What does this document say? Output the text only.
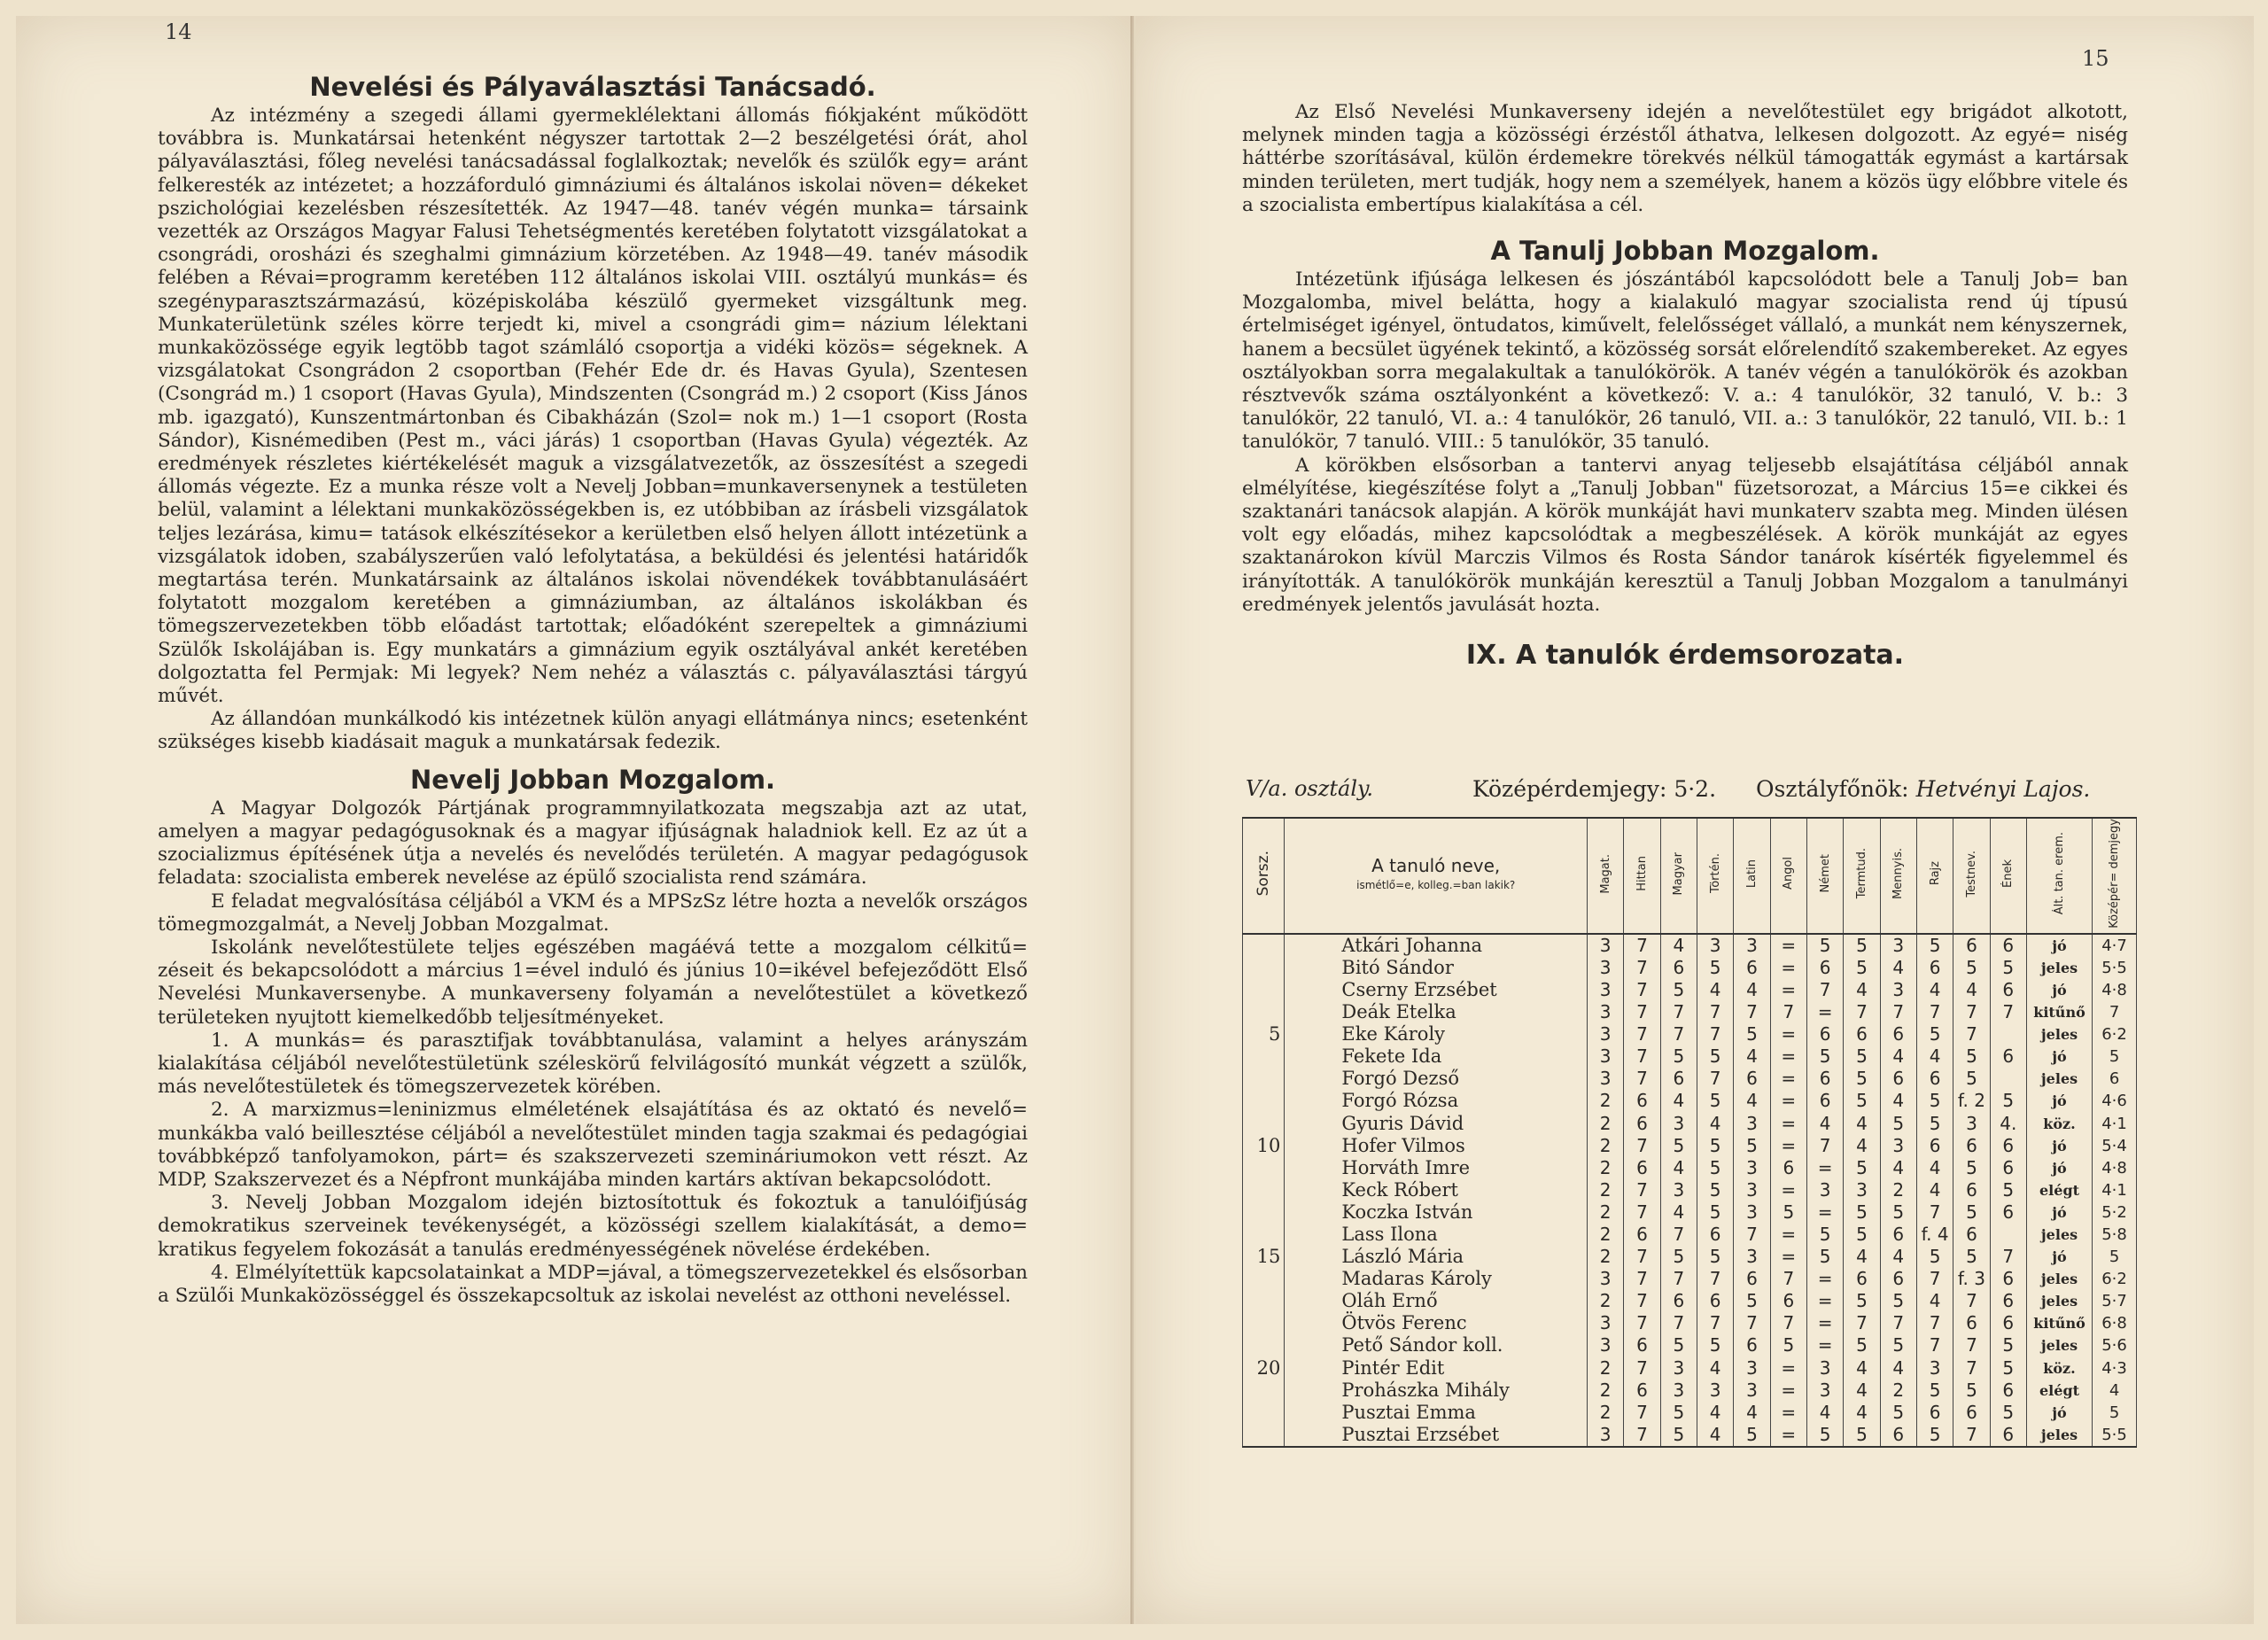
14
Nevelési és Pályaválasztási Tanácsadó.

Az intézmény a szegedi állami gyermeklélektani állomás fiókjaként működött továbbra is. Munkatársai hetenként négyszer tartottak 2—2 beszélgetési órát, ahol pályaválasztási, főleg nevelési tanácsadással foglalkoztak; nevelők és szülők egy= aránt felkeresték az intézetet; a hozzáforduló gimnáziumi és általános iskolai növen= dékeket pszichológiai kezelésben részesítették. Az 1947—48. tanév végén munka= társaink vezették az Országos Magyar Falusi Tehetségmentés keretében folytatott vizsgálatokat a csongrádi, orosházi és szeghalmi gimnázium körzetében. Az 1948—49. tanév második felében a Révai=programm keretében 112 általános iskolai VIII. osztályú munkás= és szegényparasztszármazású, középiskolába készülő gyermeket vizsgáltunk meg. Munkaterületünk széles körre terjedt ki, mivel a csongrádi gim= názium lélektani munkaközössége egyik legtöbb tagot számláló csoportja a vidéki közös= ségeknek. A vizsgálatokat Csongrádon 2 csoportban (Fehér Ede dr. és Havas Gyula), Szentesen (Csongrád m.) 1 csoport (Havas Gyula), Mindszenten (Csongrád m.) 2 csoport (Kiss János mb. igazgató), Kunszentmártonban és Cibakházán (Szol= nok m.) 1—1 csoport (Rosta Sándor), Kisnémediben (Pest m., váci járás) 1 csoportban (Havas Gyula) végezték. Az eredmények részletes kiértékelését maguk a vizsgálatvezetők, az összesítést a szegedi állomás végezte. Ez a munka része volt a Nevelj Jobban=munkaversenynek a testületen belül, valamint a lélektani munkaközösségekben is, ez utóbbiban az írásbeli vizsgálatok teljes lezárása, kimu= tatások elkészítésekor a kerületben első helyen állott intézetünk a vizsgálatok idoben, szabályszerűen való lefolytatása, a beküldési és jelentési határidők megtartása terén. Munkatársaink az általános iskolai növendékek továbbtanulásáért folytatott mozgalom keretében a gimnáziumban, az általános iskolákban és tömegszervezetekben több előadást tartottak; előadóként szerepeltek a gimnáziumi Szülők Iskolájában is. Egy munkatárs a gimnázium egyik osztályával ankét keretében dolgoztatta fel Permjak: Mi legyek? Nem nehéz a választás c. pályaválasztási tárgyú művét.

Az állandóan munkálkodó kis intézetnek külön anyagi ellátmánya nincs; esetenként szükséges kisebb kiadásait maguk a munkatársak fedezik.

Nevelj Jobban Mozgalom.

A Magyar Dolgozók Pártjának programmnyilatkozata megszabja azt az utat, amelyen a magyar pedagógusoknak és a magyar ifjúságnak haladniok kell. Ez az út a szocializmus építésének útja a nevelés és nevelődés területén. A magyar pedagógusok feladata: szocialista emberek nevelése az épülő szocialista rend számára.

E feladat megvalósítása céljából a VKM és a MPSzSz létre hozta a nevelők országos tömegmozgalmát, a Nevelj Jobban Mozgalmat.

Iskolánk nevelőtestülete teljes egészében magáévá tette a mozgalom célkitű= zéseit és bekapcsolódott a március 1=ével induló és június 10=ikével befejeződött Első Nevelési Munkaversenybe. A munkaverseny folyamán a nevelőtestület a következő területeken nyujtott kiemelkedőbb teljesítményeket.

1. A munkás= és parasztifjak továbbtanulása, valamint a helyes arányszám kialakítása céljából nevelőtestületünk széleskörű felvilágosító munkát végzett a szülők, más nevelőtestületek és tömegszervezetek körében.

2. A marxizmus=leninizmus elméletének elsajátítása és az oktató és nevelő= munkákba való beillesztése céljából a nevelőtestület minden tagja szakmai és pedagógiai továbbképző tanfolyamokon, párt= és szakszervezeti szemináriumokon vett részt. Az MDP, Szakszervezet és a Népfront munkájába minden kartárs aktívan bekapcsolódott.

3. Nevelj Jobban Mozgalom idején biztosítottuk és fokoztuk a tanulóifjúság demokratikus szerveinek tevékenységét, a közösségi szellem kialakítását, a demo= kratikus fegyelem fokozását a tanulás eredményességének növelése érdekében.

4. Elmélyítettük kapcsolatainkat a MDP=jával, a tömegszervezetekkel és elsősorban a Szülői Munkaközösséggel és összekapcsoltuk az iskolai nevelést az otthoni neveléssel.

15

Az Első Nevelési Munkaverseny idején a nevelőtestület egy brigádot alkotott, melynek minden tagja a közösségi érzéstől áthatva, lelkesen dolgozott. Az egyé= niség háttérbe szorításával, külön érdemekre törekvés nélkül támogatták egymást a kartársak minden területen, mert tudják, hogy nem a személyek, hanem a közös ügy előbbre vitele és a szocialista embertípus kialakítása a cél.

A Tanulj Jobban Mozgalom.

Intézetünk ifjúsága lelkesen és jószántából kapcsolódott bele a Tanulj Job= ban Mozgalomba, mivel belátta, hogy a kialakuló magyar szocialista rend új típusú értelmiséget igényel, öntudatos, kiművelt, felelősséget vállaló, a munkát nem kényszernek, hanem a becsület ügyének tekintő, a közösség sorsát előrelendítő szakembereket. Az egyes osztályokban sorra megalakultak a tanulókörök. A tanév végén a tanulókörök és azokban résztvevők száma osztályonként a következő: V. a.: 4 tanulókör, 32 tanuló, V. b.: 3 tanulókör, 22 tanuló, VI. a.: 4 tanulókör, 26 tanuló, VII. a.: 3 tanulókör, 22 tanuló, VII. b.: 1 tanulókör, 7 tanuló. VIII.: 5 tanulókör, 35 tanuló.

A körökben elsősorban a tantervi anyag teljesebb elsajátítása céljából annak elmélyítése, kiegészítése folyt a „Tanulj Jobban" füzetsorozat, a Március 15=e cikkei és szaktanári tanácsok alapján. A körök munkáját havi munkaterv szabta meg. Minden ülésen volt egy előadás, mihez kapcsolódtak a megbeszélések. A körök munkáját az egyes szaktanárokon kívül Marczis Vilmos és Rosta Sándor tanárok kísérték figyelemmel és irányították. A tanulókörök munkáján keresztül a Tanulj Jobban Mozgalom a tanulmányi eredmények jelentős javulását hozta.

IX. A tanulók érdemsorozata.
V/a. osztály.	Középérdemjegy: 5·2. Osztályfőnök: Hetvényi Lajos.
Sorsz.	A tanuló neve,
ismétlő=e, kolleg.=ban lakik?	Magat.	Hittan	Magyar	Történ.	Latin	Angol	Német	Termtud.	Mennyis.	Rajz	Testnev.	Ének	Ált. tan. erem.	Középér= demjegy
	Atkári Johanna	3	7	4	3	3	=	5	5	3	5	6	6	jó	4·7
	Bitó Sándor	3	7	6	5	6	=	6	5	4	6	5	5	jeles	5·5
	Cserny Erzsébet	3	7	5	4	4	=	7	4	3	4	4	6	jó	4·8
	Deák Etelka	3	7	7	7	7	7	=	7	7	7	7	7	kitűnő	7
5	Eke Károly	3	7	7	7	5	=	6	6	6	5	7		jeles	6·2
	Fekete Ida	3	7	5	5	4	=	5	5	4	4	5	6	jó	5
	Forgó Dezső	3	7	6	7	6	=	6	5	6	6	5		jeles	6
	Forgó Rózsa	2	6	4	5	4	=	6	5	4	5	f. 2	5	jó	4·6
	Gyuris Dávid	2	6	3	4	3	=	4	4	5	5	3	4.	köz.	4·1
10	Hofer Vilmos	2	7	5	5	5	=	7	4	3	6	6	6	jó	5·4
	Horváth Imre	2	6	4	5	3	6	=	5	4	4	5	6	jó	4·8
	Keck Róbert	2	7	3	5	3	=	3	3	2	4	6	5	elégt	4·1
	Koczka István	2	7	4	5	3	5	=	5	5	7	5	6	jó	5·2
	Lass Ilona	2	6	7	6	7	=	5	5	6	f. 4	6		jeles	5·8
15	László Mária	2	7	5	5	3	=	5	4	4	5	5	7	jó	5
	Madaras Károly	3	7	7	7	6	7	=	6	6	7	f. 3	6	jeles	6·2
	Oláh Ernő	2	7	6	6	5	6	=	5	5	4	7	6	jeles	5·7
	Ötvös Ferenc	3	7	7	7	7	7	=	7	7	7	6	6	kitűnő	6·8
	Pető Sándor koll.	3	6	5	5	6	5	=	5	5	7	7	5	jeles	5·6
20	Pintér Edit	2	7	3	4	3	=	3	4	4	3	7	5	köz.	4·3
	Prohászka Mihály	2	6	3	3	3	=	3	4	2	5	5	6	elégt	4
	Pusztai Emma	2	7	5	4	4	=	4	4	5	6	6	5	jó	5
	Pusztai Erzsébet	3	7	5	4	5	=	5	5	6	5	7	6	jeles	5·5
